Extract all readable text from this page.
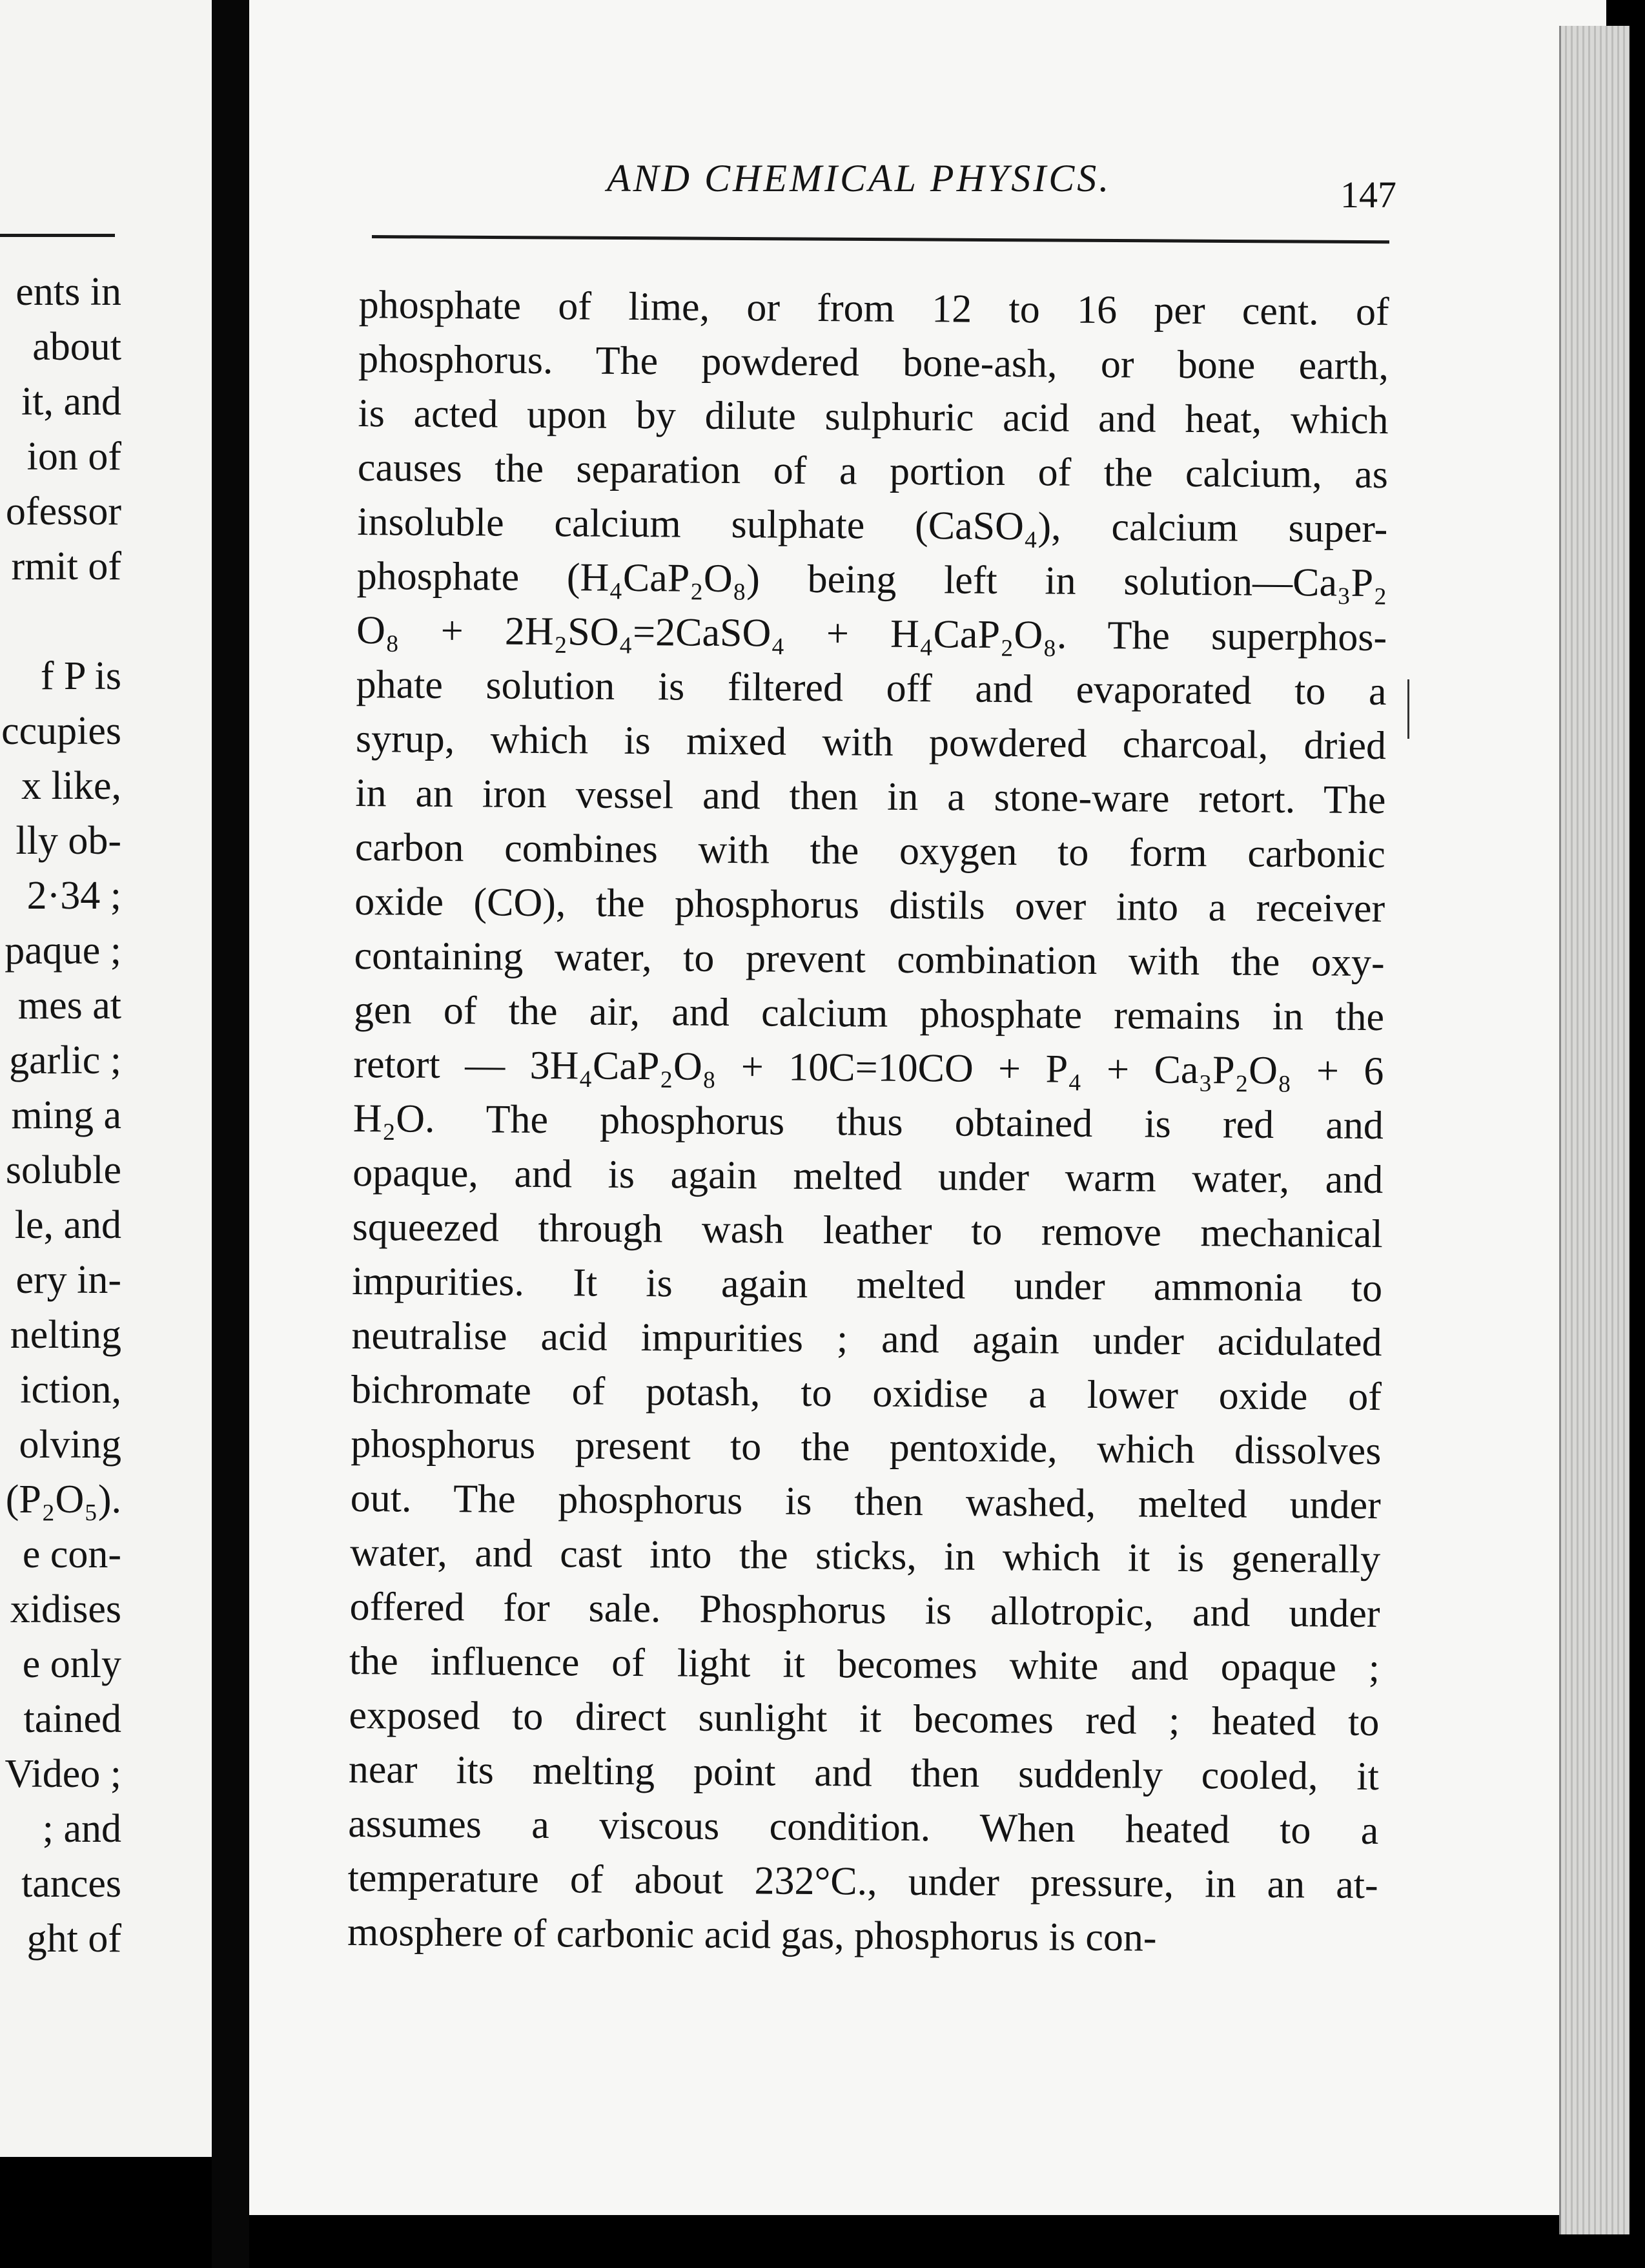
ents in
about
it, and
ion of
ofessor
rmit of
f P is
ccupies
x like,
lly ob-
2·34 ;
paque ;
mes at
garlic ;
ming a
soluble
le, and
ery in-
nelting
iction,
olving
(P₂O₅).
e con-
xidises
e only
tained
Video ;
; and
tances
ght of
AND CHEMICAL PHYSICS.	147
phosphate of lime, or from 12 to 16 per cent. of
phosphorus. The powdered bone-ash, or bone earth,
is acted upon by dilute sulphuric acid and heat, which
causes the separation of a portion of the calcium, as
insoluble calcium sulphate (CaSO₄), calcium super-
phosphate (H₄CaP₂O₈) being left in solution—Ca₃P₂
O₈ + 2H₂SO₄=2CaSO₄ + H₄CaP₂O₈. The superphos-
phate solution is filtered off and evaporated to a
syrup, which is mixed with powdered charcoal, dried
in an iron vessel and then in a stone-ware retort. The
carbon combines with the oxygen to form carbonic
oxide (CO), the phosphorus distils over into a receiver
containing water, to prevent combination with the oxy-
gen of the air, and calcium phosphate remains in the
retort — 3H₄CaP₂O₈ + 10C=10CO + P₄ + Ca₃P₂O₈ + 6
H₂O. The phosphorus thus obtained is red and
opaque, and is again melted under warm water, and
squeezed through wash leather to remove mechanical
impurities. It is again melted under ammonia to
neutralise acid impurities ; and again under acidulated
bichromate of potash, to oxidise a lower oxide of
phosphorus present to the pentoxide, which dissolves
out. The phosphorus is then washed, melted under
water, and cast into the sticks, in which it is generally
offered for sale. Phosphorus is allotropic, and under
the influence of light it becomes white and opaque ;
exposed to direct sunlight it becomes red ; heated to
near its melting point and then suddenly cooled, it
assumes a viscous condition. When heated to a
temperature of about 232°C., under pressure, in an at-
mosphere of carbonic acid gas, phosphorus is con-
